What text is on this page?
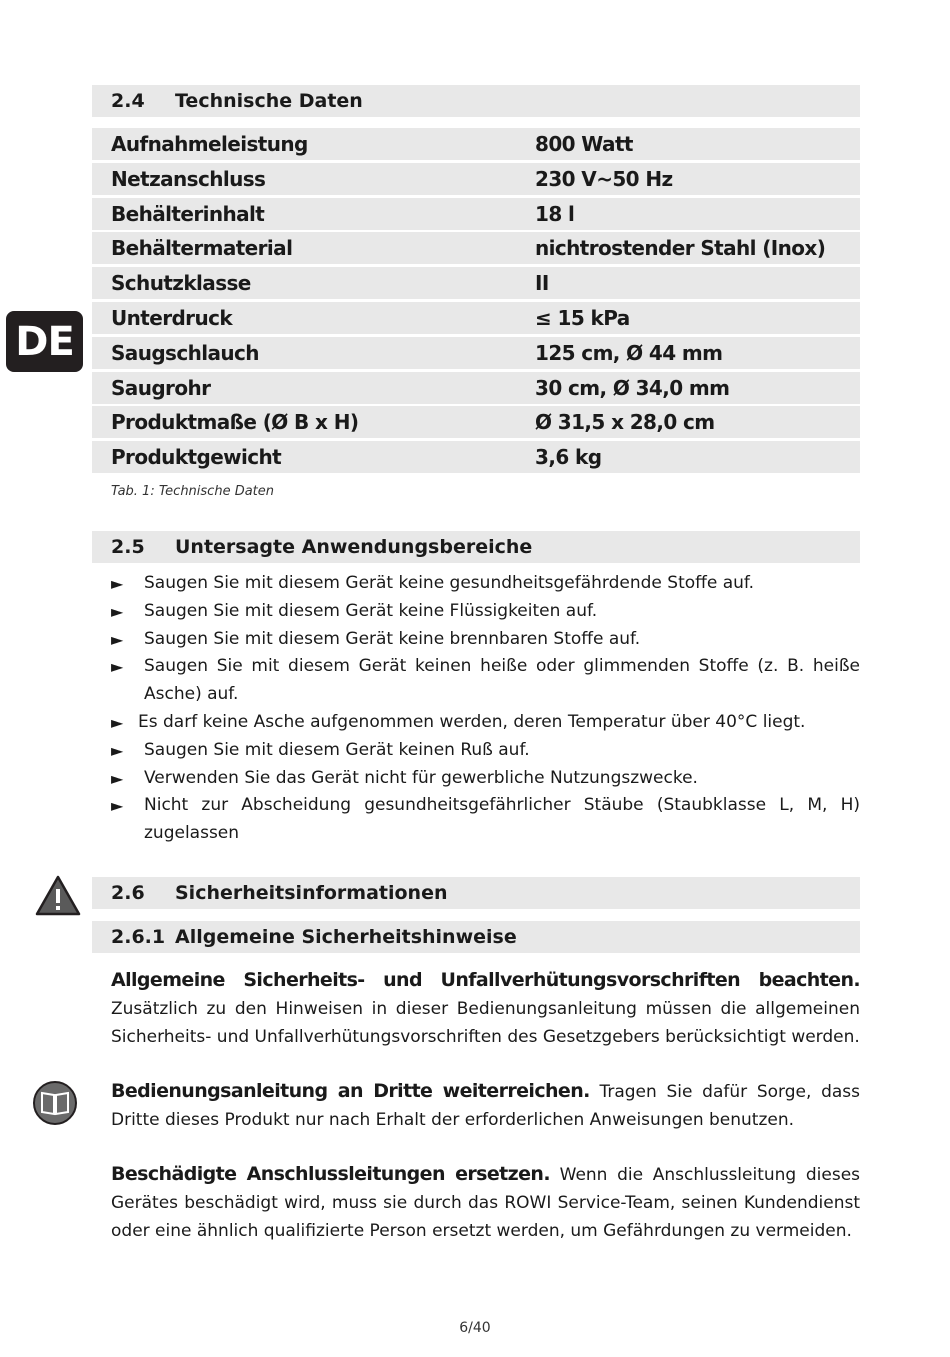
DE
2.4	Technische Daten
Aufnahmeleistung	800 Watt
Netzanschluss	230 V~50 Hz
Behälterinhalt	18 l
Behältermaterial	nichtrostender Stahl (Inox)
Schutzklasse	II
Unterdruck	≤ 15 kPa
Saugschlauch	125 cm, Ø 44 mm
Saugrohr	30 cm, Ø 34,0 mm
Produktmaße (Ø B x H)	Ø 31,5 x 28,0 cm
Produktgewicht	3,6 kg
Tab. 1: Technische Daten
2.5	Untersagte Anwendungsbereiche
►	Saugen Sie mit diesem Gerät keine gesundheitsgefährdende Stoffe auf.
►	Saugen Sie mit diesem Gerät keine Flüssigkeiten auf.
►	Saugen Sie mit diesem Gerät keine brennbaren Stoffe auf.
►	Saugen Sie mit diesem Gerät keinen heiße oder glimmenden Stoffe (z. B. heiße Asche) auf.
► Es darf keine Asche aufgenommen werden, deren Temperatur über 40°C liegt.
►	Saugen Sie mit diesem Gerät keinen Ruß auf.
►	Verwenden Sie das Gerät nicht für gewerbliche Nutzungszwecke.
►	Nicht zur Abscheidung gesundheitsgefährlicher Stäube (Staubklasse L, M, H) zugelassen
2.6	Sicherheitsinformationen
2.6.1 Allgemeine Sicherheitshinweise
Allgemeine Sicherheits- und Unfallverhütungsvorschriften beachten. Zusätzlich zu den Hinweisen in dieser Bedienungsanleitung müssen die allgemeinen Sicherheits- und Unfallverhütungsvorschriften des Gesetzgebers berücksichtigt werden.
Bedienungsanleitung an Dritte weiterreichen. Tragen Sie dafür Sorge, dass Dritte dieses Produkt nur nach Erhalt der erforderlichen Anweisungen benutzen.
Beschädigte Anschlussleitungen ersetzen. Wenn die Anschlussleitung dieses Gerätes beschädigt wird, muss sie durch das ROWI Service-Team, seinen Kundendienst oder eine ähnlich qualifizierte Person ersetzt werden, um Gefährdungen zu vermeiden.
6/40
